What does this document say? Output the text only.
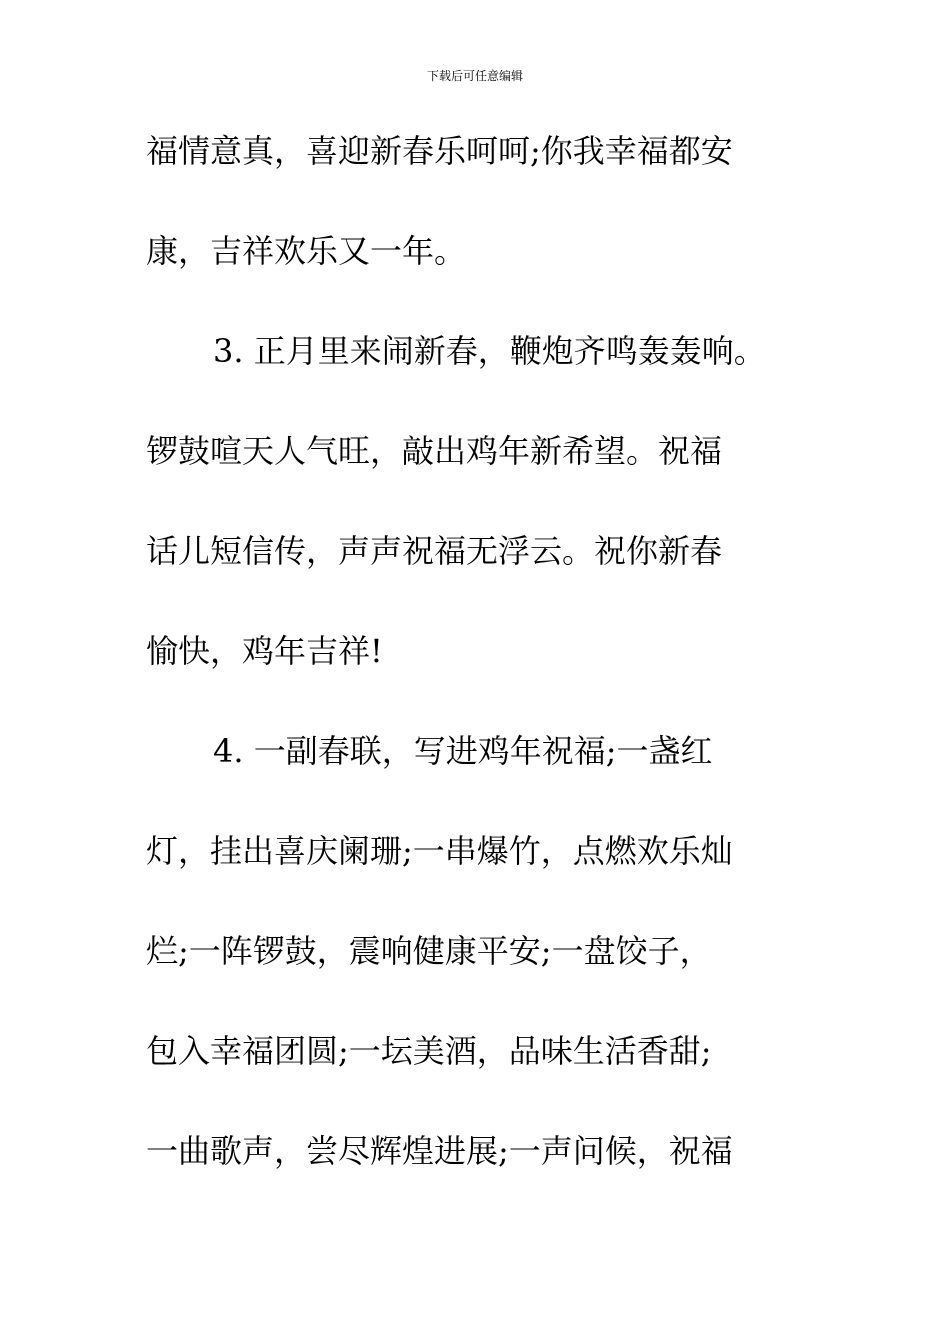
下载后可任意编辑
福情意真，喜迎新春乐呵呵;你我幸福都安
康，吉祥欢乐又一年。
3. 正月里来闹新春，鞭炮齐鸣轰轰响。
锣鼓喧天人气旺，敲出鸡年新希望。祝福
话儿短信传，声声祝福无浮云。祝你新春
愉快，鸡年吉祥!
4. 一副春联，写进鸡年祝福;一盏红
灯，挂出喜庆阑珊;一串爆竹，点燃欢乐灿
烂;一阵锣鼓，震响健康平安;一盘饺子，
包入幸福团圆;一坛美酒，品味生活香甜;
一曲歌声，尝尽辉煌进展;一声问候，祝福
